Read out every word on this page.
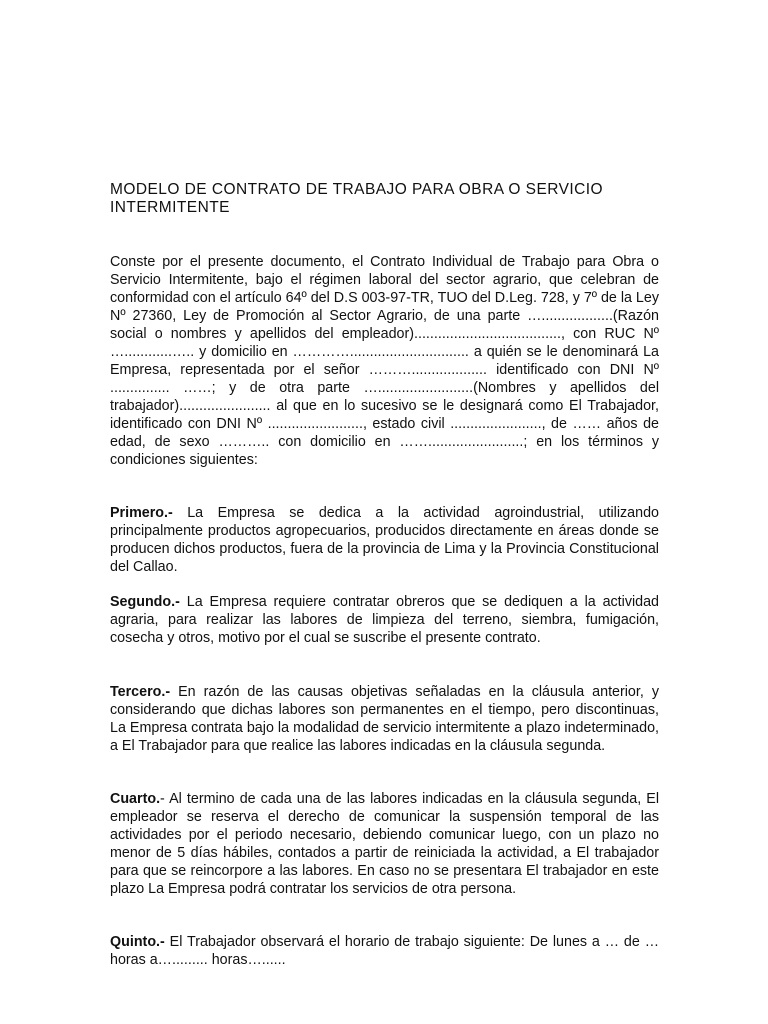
MODELO DE CONTRATO DE TRABAJO PARA OBRA O SERVICIO INTERMITENTE

Conste por el presente documento, el Contrato Individual de Trabajo para Obra o Servicio Intermitente, bajo el régimen laboral del sector agrario, que celebran de conformidad con el artículo 64º del D.S 003-97-TR, TUO del D.Leg. 728, y 7º de la Ley Nº 27360, Ley de Promoción al Sector Agrario, de una parte …..................(Razón social o nombres y apellidos del empleador)....................................., con RUC Nº …............….. y domicilio en ………….............................. a quién se le denominará La Empresa, representada por el señor ………................... identificado con DNI Nº ............... ……; y de otra parte …........................(Nombres y apellidos del trabajador)....................... al que en lo sucesivo se le designará como El Trabajador, identificado con DNI Nº ........................, estado civil ......................., de …… años de edad, de sexo ……….. con domicilio en ……........................; en los términos y condiciones siguientes:

Primero.- La Empresa se dedica a la actividad agroindustrial, utilizando principalmente productos agropecuarios, producidos directamente en áreas donde se producen dichos productos, fuera de la provincia de Lima y la Provincia Constitucional del Callao.

Segundo.- La Empresa requiere contratar obreros que se dediquen a la actividad agraria, para realizar las labores de limpieza del terreno, siembra, fumigación, cosecha y otros, motivo por el cual se suscribe el presente contrato.

Tercero.- En razón de las causas objetivas señaladas en la cláusula anterior, y considerando que dichas labores son permanentes en el tiempo, pero discontinuas, La Empresa contrata bajo la modalidad de servicio intermitente a plazo indeterminado, a El Trabajador para que realice las labores indicadas en la cláusula segunda.

Cuarto.- Al termino de cada una de las labores indicadas en la cláusula segunda, El empleador se reserva el derecho de comunicar la suspensión temporal de las actividades por el periodo necesario, debiendo comunicar luego, con un plazo no menor de 5 días hábiles, contados a partir de reiniciada la actividad, a El trabajador para que se reincorpore a las labores. En caso no se presentara El trabajador en este plazo La Empresa podrá contratar los servicios de otra persona.

Quinto.- El Trabajador observará el horario de trabajo siguiente: De lunes a … de … horas a…......... horas…......
